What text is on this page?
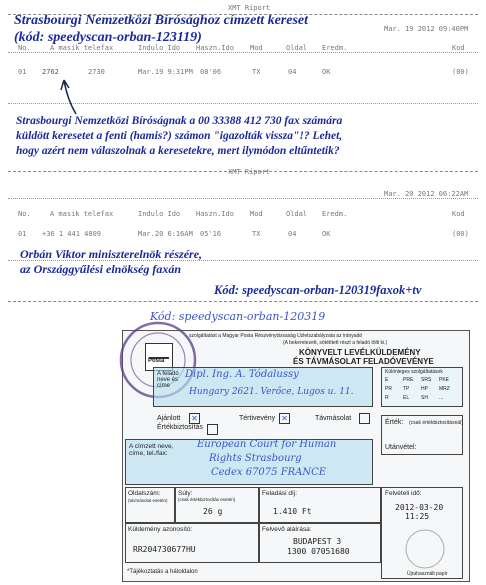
Strasbourgi Nemzetközi Bírósághoz címzett kereset
(kód: speedyscan-orban-123119)
XMT Riport
Mar. 19 2012 09:40PM
No.	A masik telefax	Indulo Ido Haszn.Ido Mod	Oldal Eredm.	Kod
01 2762	2730	Mar.19 9:31PM 08'06	TX	04	OK	(00)
Strasbourgi Nemzetközi Bíróságnak a 00 33388 412 730 fax számára
küldött keresetet a fenti (hamis?) számon "igazolták vissza"!? Lehet,
hogy azért nem válaszolnak a keresetekre, mert ilymódon eltűntetik?
XMT Riport
Mar. 20 2012 06:22AM
No.	A masik telefax	Indulo Ido Haszn.Ido Mod	Oldal Eredm.	Kod
01 +36 1 441 4809	Mar.20 6:16AM 05'16	TX	04	OK	(00)
Orbán Viktor miniszterelnök részére,
az Országgyűlési elnökség faxán
Kód: speedyscan-orban-120319faxok+tv
Kód: speedyscan-orban-120319
Posta
szolgáltatást a Magyar Posta Részvénytársaság Üzletszabályzata az irányadó
(A bekeretezett, sötétített részt a feladó tölti ki.)
KÖNYVELT LEVÉLKÜLDEMÉNY
ÉS TÁVMÁSOLAT FELADÓVEVÉNYE
A feladó neve és címe
Dipl. Ing. A. Tódalussy
Hungary 2621. Verőce, Lugos u. 11.
Különleges szolgáltatások
E	PRE SRS PKE
PR TP HP MRZ
R	EL SH ...
Ajánlott ✕	Tértivevény ✕	Távmásolat
Értékbiztosítás
Érték: (csak értékbiztosításnál)
Utánvétel:
A címzett neve, címe, tel./fax:
European Court for Human
Rights Strasbourg
Cedex 67075 FRANCE
Oldalszám:
(távmásolat esetén)
Súly:
(csak értékbiztosítás esetén)
26 g
Feladási díj:
1.410 Ft
Felvételi idő:
2012-03-20
11:25
Küldemény azonosító:
RR204730677HU
Felvevő aláírása:
BUDAPEST 3
1300 07051680
*Tájékoztatás a hátoldalon	Újrahasznált papír
